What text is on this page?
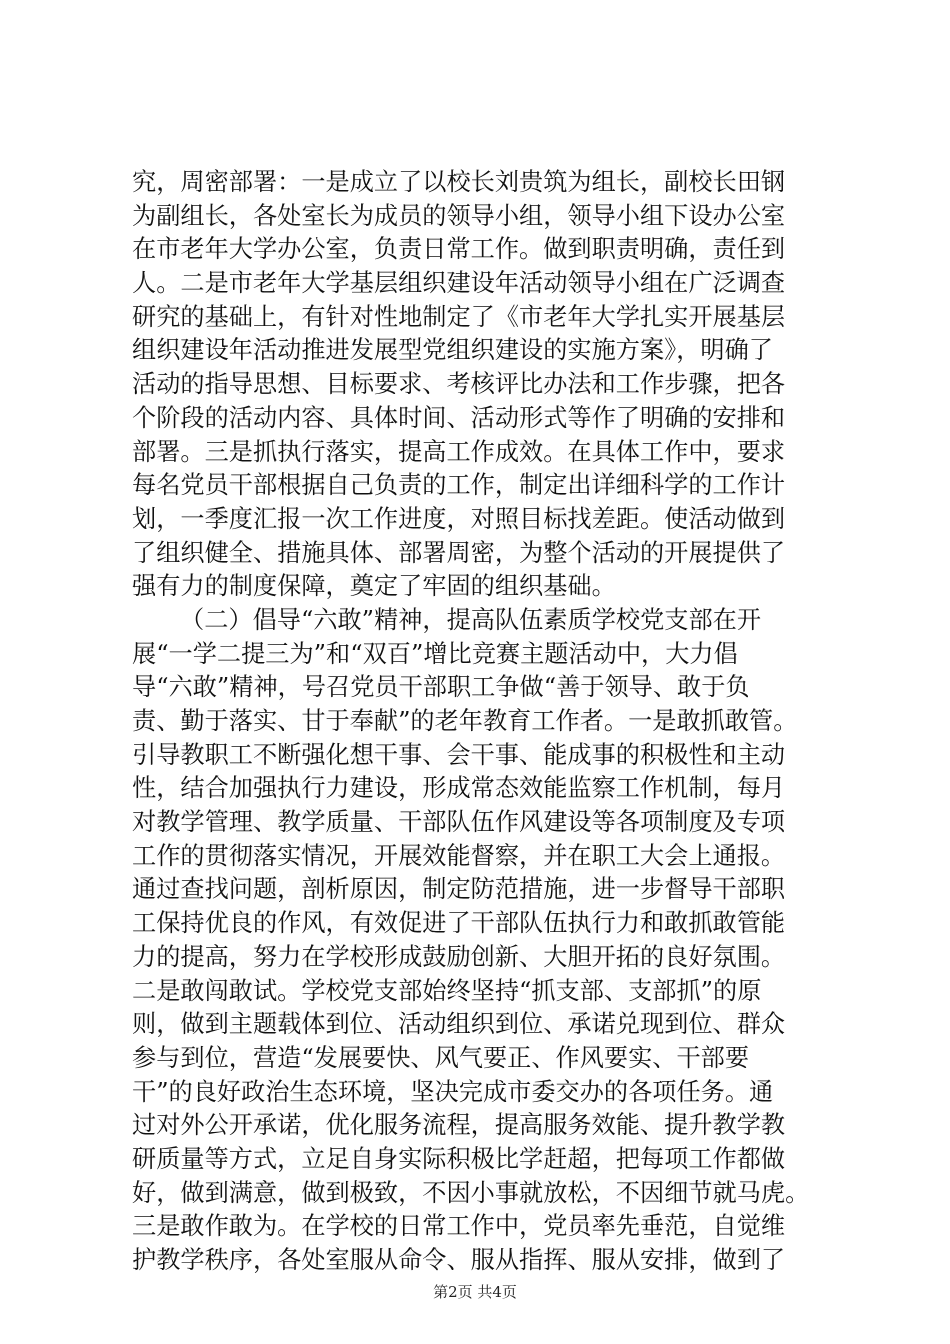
究，周密部署：一是成立了以校长刘贵筑为组长，副校长田钢
为副组长，各处室长为成员的领导小组，领导小组下设办公室
在市老年大学办公室，负责日常工作。做到职责明确，责任到
人。二是市老年大学基层组织建设年活动领导小组在广泛调查
研究的基础上，有针对性地制定了《市老年大学扎实开展基层
组织建设年活动推进发展型党组织建设的实施方案》，明确了
活动的指导思想、目标要求、考核评比办法和工作步骤，把各
个阶段的活动内容、具体时间、活动形式等作了明确的安排和
部署。三是抓执行落实，提高工作成效。在具体工作中，要求
每名党员干部根据自己负责的工作，制定出详细科学的工作计
划，一季度汇报一次工作进度，对照目标找差距。使活动做到
了组织健全、措施具体、部署周密，为整个活动的开展提供了
强有力的制度保障，奠定了牢固的组织基础。
（二）倡导“六敢”精神，提高队伍素质学校党支部在开
展“一学二提三为”和“双百”增比竞赛主题活动中，大力倡
导“六敢”精神，号召党员干部职工争做“善于领导、敢于负
责、勤于落实、甘于奉献”的老年教育工作者。一是敢抓敢管。
引导教职工不断强化想干事、会干事、能成事的积极性和主动
性，结合加强执行力建设，形成常态效能监察工作机制，每月
对教学管理、教学质量、干部队伍作风建设等各项制度及专项
工作的贯彻落实情况，开展效能督察，并在职工大会上通报。
通过查找问题，剖析原因，制定防范措施，进一步督导干部职
工保持优良的作风，有效促进了干部队伍执行力和敢抓敢管能
力的提高，努力在学校形成鼓励创新、大胆开拓的良好氛围。
二是敢闯敢试。学校党支部始终坚持“抓支部、支部抓”的原
则，做到主题载体到位、活动组织到位、承诺兑现到位、群众
参与到位，营造“发展要快、风气要正、作风要实、干部要
干”的良好政治生态环境，坚决完成市委交办的各项任务。通
过对外公开承诺，优化服务流程，提高服务效能、提升教学教
研质量等方式，立足自身实际积极比学赶超，把每项工作都做
好，做到满意，做到极致，不因小事就放松，不因细节就马虎。
三是敢作敢为。在学校的日常工作中，党员率先垂范，自觉维
护教学秩序，各处室服从命令、服从指挥、服从安排，做到了
第2页 共4页
